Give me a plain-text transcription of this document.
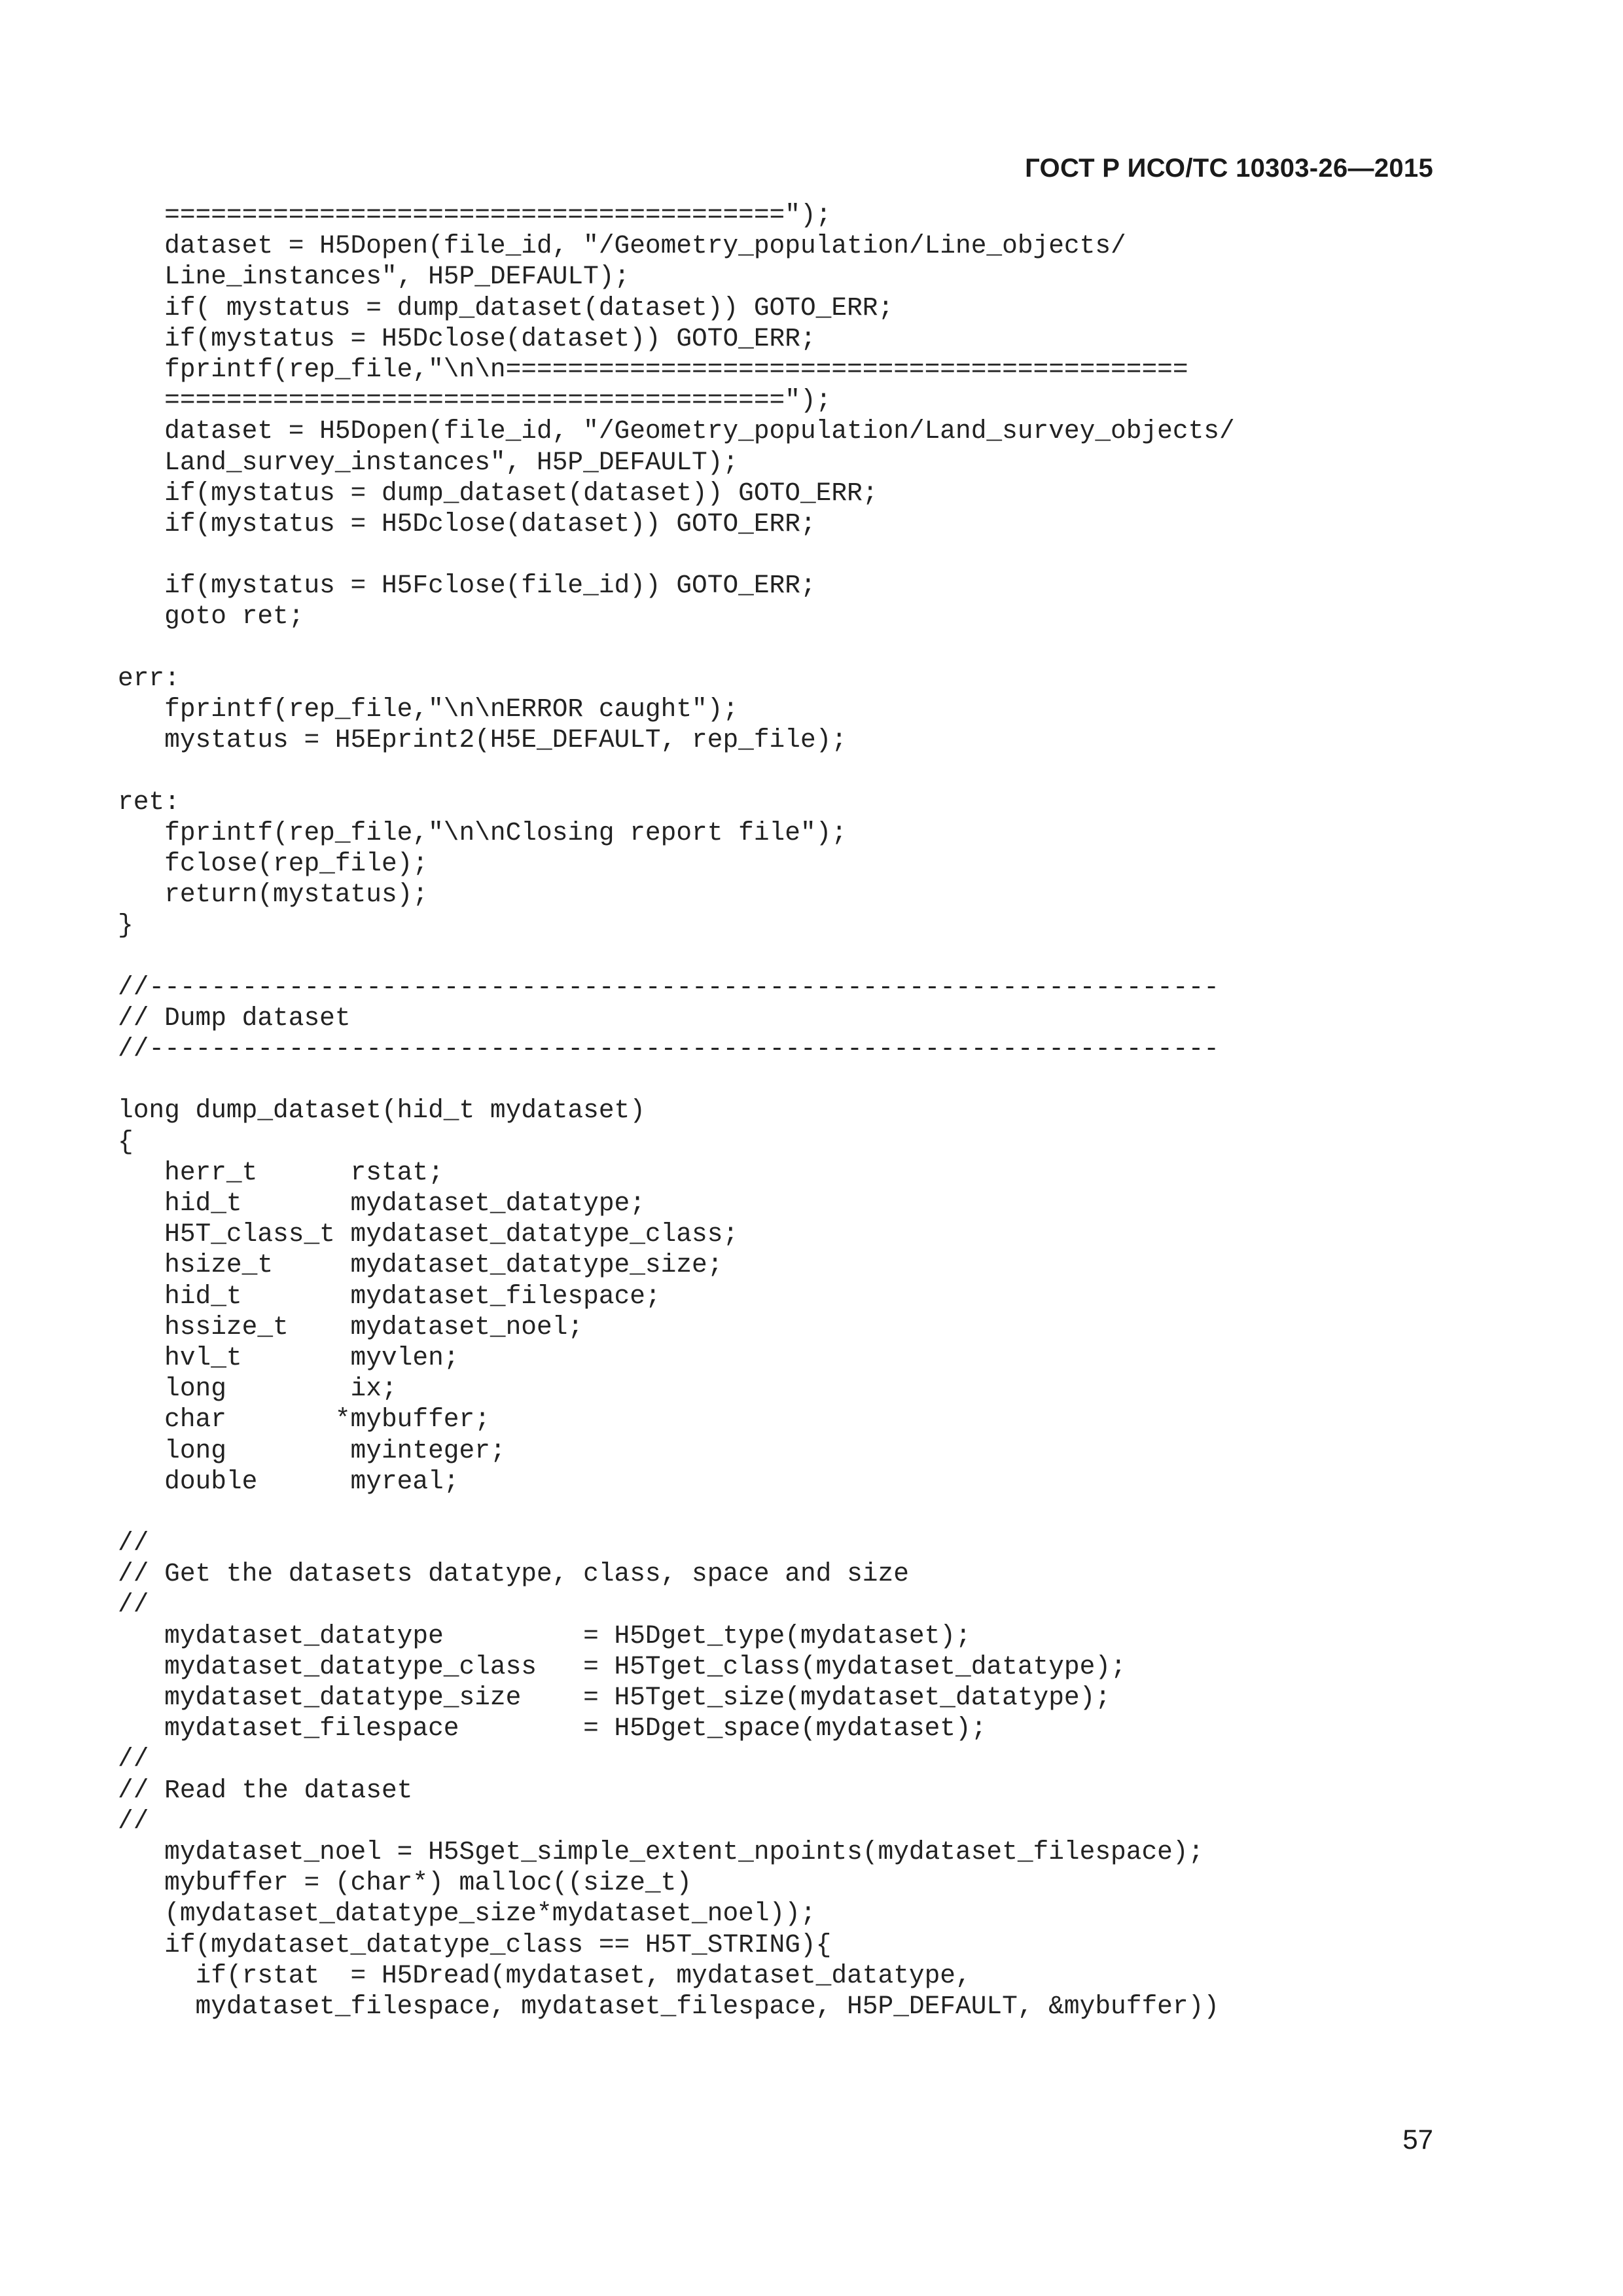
ГОСТ Р ИСО/ТС 10303-26—2015
========================================");
dataset = H5Dopen(file_id, "/Geometry_population/Line_objects/
Line_instances", H5P_DEFAULT);
if( mystatus = dump_dataset(dataset)) GOTO_ERR;
if(mystatus = H5Dclose(dataset)) GOTO_ERR;
fprintf(rep_file,"\n\n============================================
========================================");
dataset = H5Dopen(file_id, "/Geometry_population/Land_survey_objects/
Land_survey_instances", H5P_DEFAULT);
if(mystatus = dump_dataset(dataset)) GOTO_ERR;
if(mystatus = H5Dclose(dataset)) GOTO_ERR;
if(mystatus = H5Fclose(file_id)) GOTO_ERR;
goto ret;
err:
fprintf(rep_file,"\n\nERROR caught");
mystatus = H5Eprint2(H5E_DEFAULT, rep_file);
ret:
fprintf(rep_file,"\n\nClosing report file");
fclose(rep_file);
return(mystatus);
}
//---------------------------------------------------------------------
// Dump dataset
//---------------------------------------------------------------------
long dump_dataset(hid_t mydataset)
{
herr_t      rstat;
hid_t       mydataset_datatype;
H5T_class_t mydataset_datatype_class;
hsize_t     mydataset_datatype_size;
hid_t       mydataset_filespace;
hssize_t    mydataset_noel;
hvl_t       myvlen;
long        ix;
char       *mybuffer;
long        myinteger;
double      myreal;
//
// Get the datasets datatype, class, space and size
//
mydataset_datatype         = H5Dget_type(mydataset);
mydataset_datatype_class   = H5Tget_class(mydataset_datatype);
mydataset_datatype_size    = H5Tget_size(mydataset_datatype);
mydataset_filespace        = H5Dget_space(mydataset);
//
// Read the dataset
//
mydataset_noel = H5Sget_simple_extent_npoints(mydataset_filespace);
mybuffer = (char*) malloc((size_t)
(mydataset_datatype_size*mydataset_noel));
if(mydataset_datatype_class == H5T_STRING){
if(rstat  = H5Dread(mydataset, mydataset_datatype,
mydataset_filespace, mydataset_filespace, H5P_DEFAULT, &mybuffer))
57
